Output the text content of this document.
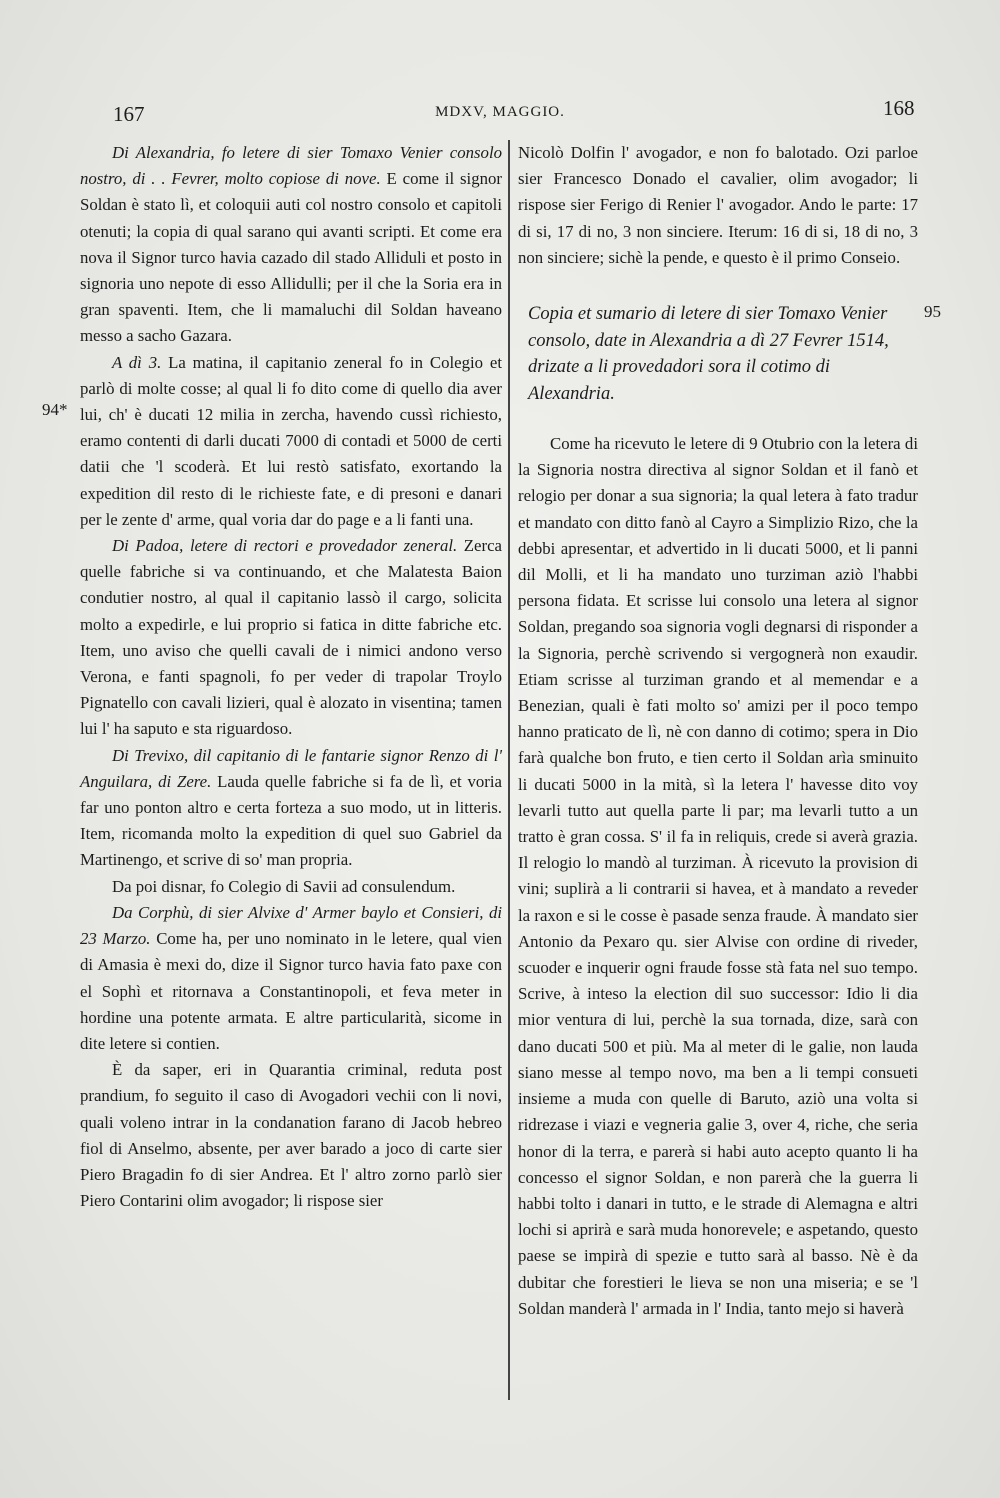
167	MDXV, MAGGIO.	168
94*
95

Di Alexandria, fo letere di sier Tomaxo Venier consolo nostro, di . . Fevrer, molto copiose di nove. E come il signor Soldan è stato lì, et coloquii auti col nostro consolo et capitoli otenuti; la copia di qual sarano qui avanti scripti. Et come era nova il Signor turco havia cazado dil stado Alliduli et posto in signoria uno nepote di esso Allidulli; per il che la Soria era in gran spaventi. Item, che li mamaluchi dil Soldan haveano messo a sacho Gazara.

A dì 3. La matina, il capitanio zeneral fo in Colegio et parlò di molte cosse; al qual li fo dito come di quello dia aver lui, ch' è ducati 12 milia in zercha, havendo cussì richiesto, eramo contenti di darli ducati 7000 di contadi et 5000 de certi datii che 'l scoderà. Et lui restò satisfato, exortando la expedition dil resto di le richieste fate, e di presoni e danari per le zente d' arme, qual voria dar do page e a li fanti una.

Di Padoa, letere di rectori e provedador zeneral. Zerca quelle fabriche si va continuando, et che Malatesta Baion condutier nostro, al qual il capitanio lassò il cargo, solicita molto a expedirle, e lui proprio si fatica in ditte fabriche etc. Item, uno aviso che quelli cavali de i nimici andono verso Verona, e fanti spagnoli, fo per veder di trapolar Troylo Pignatello con cavali lizieri, qual è alozato in visentina; tamen lui l' ha saputo e sta riguardoso.

Di Trevixo, dil capitanio di le fantarie signor Renzo di l' Anguilara, di Zere. Lauda quelle fabriche si fa de lì, et voria far uno ponton altro e certa forteza a suo modo, ut in litteris. Item, ricomanda molto la expedition di quel suo Gabriel da Martinengo, et scrive di so' man propria.

Da poi disnar, fo Colegio di Savii ad consulendum.

Da Corphù, di sier Alvixe d' Armer baylo et Consieri, di 23 Marzo. Come ha, per uno nominato in le letere, qual vien di Amasia è mexi do, dize il Signor turco havia fato paxe con el Sophì et ritornava a Constantinopoli, et feva meter in hordine una potente armata. E altre particularità, sicome in dite letere si contien.

È da saper, eri in Quarantia criminal, reduta post prandium, fo seguito il caso di Avogadori vechii con li novi, quali voleno intrar in la condanation farano di Jacob hebreo fiol di Anselmo, absente, per aver barado a joco di carte sier Piero Bragadin fo di sier Andrea. Et l' altro zorno parlò sier Piero Contarini olim avogador; li rispose sier

Nicolò Dolfin l' avogador, e non fo balotado. Ozi parloe sier Francesco Donado el cavalier, olim avogador; li rispose sier Ferigo di Renier l' avogador. Ando le parte: 17 di si, 17 di no, 3 non sinciere. Iterum: 16 di si, 18 di no, 3 non sinciere; sichè la pende, e questo è il primo Conseio.

Copia et sumario di letere di sier Tomaxo Venier consolo, date in Alexandria a dì 27 Fevrer 1514, drizate a li provedadori sora il cotimo di Alexandria.

Come ha ricevuto le letere di 9 Otubrio con la letera di la Signoria nostra directiva al signor Soldan et il fanò et relogio per donar a sua signoria; la qual letera à fato tradur et mandato con ditto fanò al Cayro a Simplizio Rizo, che la debbi apresentar, et advertido in li ducati 5000, et li panni dil Molli, et li ha mandato uno turziman aziò l'habbi persona fidata. Et scrisse lui consolo una letera al signor Soldan, pregando soa signoria vogli degnarsi di risponder a la Signoria, perchè scrivendo si vergognerà non exaudir. Etiam scrisse al turziman grando et al memendar e a Benezian, quali è fati molto so' amizi per il poco tempo hanno praticato de lì, nè con danno di cotimo; spera in Dio farà qualche bon fruto, e tien certo il Soldan arìa sminuito li ducati 5000 in la mità, sì la letera l' havesse dito voy levarli tutto aut quella parte li par; ma levarli tutto a un tratto è gran cossa. S' il fa in reliquis, crede si averà grazia. Il relogio lo mandò al turziman. À ricevuto la provision di vini; suplirà a li contrarii si havea, et à mandato a reveder la raxon e si le cosse è pasade senza fraude. À mandato sier Antonio da Pexaro qu. sier Alvise con ordine di riveder, scuoder e inquerir ogni fraude fosse stà fata nel suo tempo. Scrive, à inteso la election dil suo successor: Idio li dia mior ventura di lui, perchè la sua tornada, dize, sarà con dano ducati 500 et più. Ma al meter di le galie, non lauda siano messe al tempo novo, ma ben a li tempi consueti insieme a muda con quelle di Baruto, aziò una volta si ridrezase i viazi e vegneria galie 3, over 4, riche, che seria honor di la terra, e parerà si habi auto acepto quanto li ha concesso el signor Soldan, e non parerà che la guerra li habbi tolto i danari in tutto, e le strade di Alemagna e altri lochi si aprirà e sarà muda honorevele; e aspetando, questo paese se impirà di spezie e tutto sarà al basso. Nè è da dubitar che forestieri le lieva se non una miseria; e se 'l Soldan manderà l' armada in l' India, tanto mejo si haverà
